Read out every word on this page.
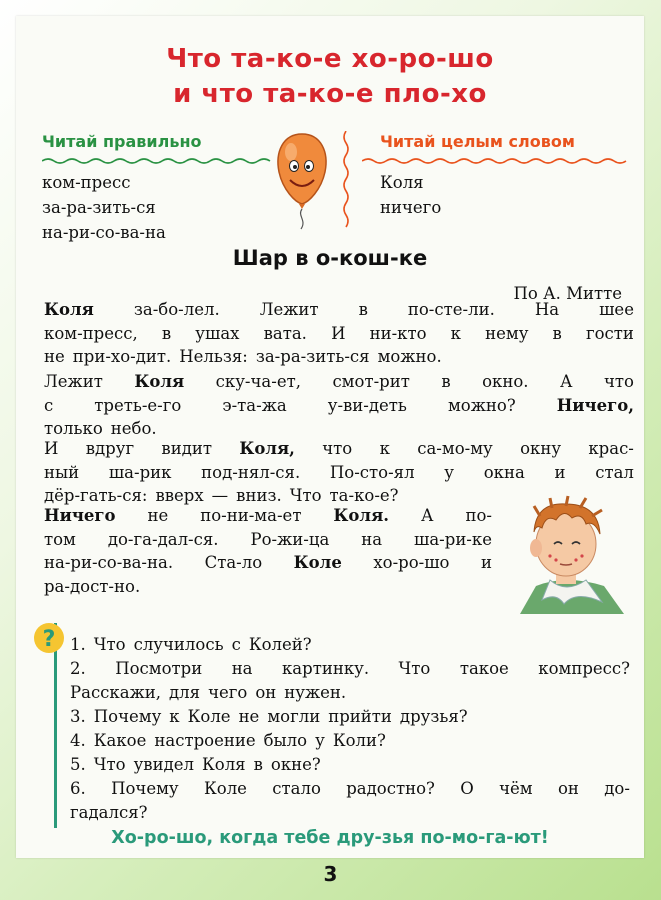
Что та-ко-е хо-ро-шо
и что та-ко-е пло-хо
Читай правильно
ком-пресс
за-ра-зить-ся
на-ри-со-ва-на
Читай целым словом
Коля
ничего
Шар в о-кош-ке
По А. Митте
Коля за-бо-лел. Лежит в по-сте-ли. На шее
ком-пресс, в ушах вата. И ни-кто к нему в гости
не при-хо-дит. Нельзя: за-ра-зить-ся можно.
Лежит Коля ску-ча-ет, смот-рит в окно. А что
с треть-е-го э-та-жа у-ви-деть можно? Ничего,
только небо.
И вдруг видит Коля, что к са-мо-му окну крас-
ный ша-рик под-нял-ся. По-сто-ял у окна и стал
дёр-гать-ся: вверх — вниз. Что та-ко-е?
Ничего не по-ни-ма-ет Коля. А по-
том до-га-дал-ся. Ро-жи-ца на ша-ри-ке
на-ри-со-ва-на. Ста-ло Коле хо-ро-шо и
ра-дост-но.
? 1. Что случилось с Колей?
2. Посмотри на картинку. Что такое компресс?
Расскажи, для чего он нужен.
3. Почему к Коле не могли прийти друзья?
4. Какое настроение было у Коли?
5. Что увидел Коля в окне?
6. Почему Коле стало радостно? О чём он до-
гадался?
Хо-ро-шо, когда тебе дру-зья по-мо-га-ют!
3
